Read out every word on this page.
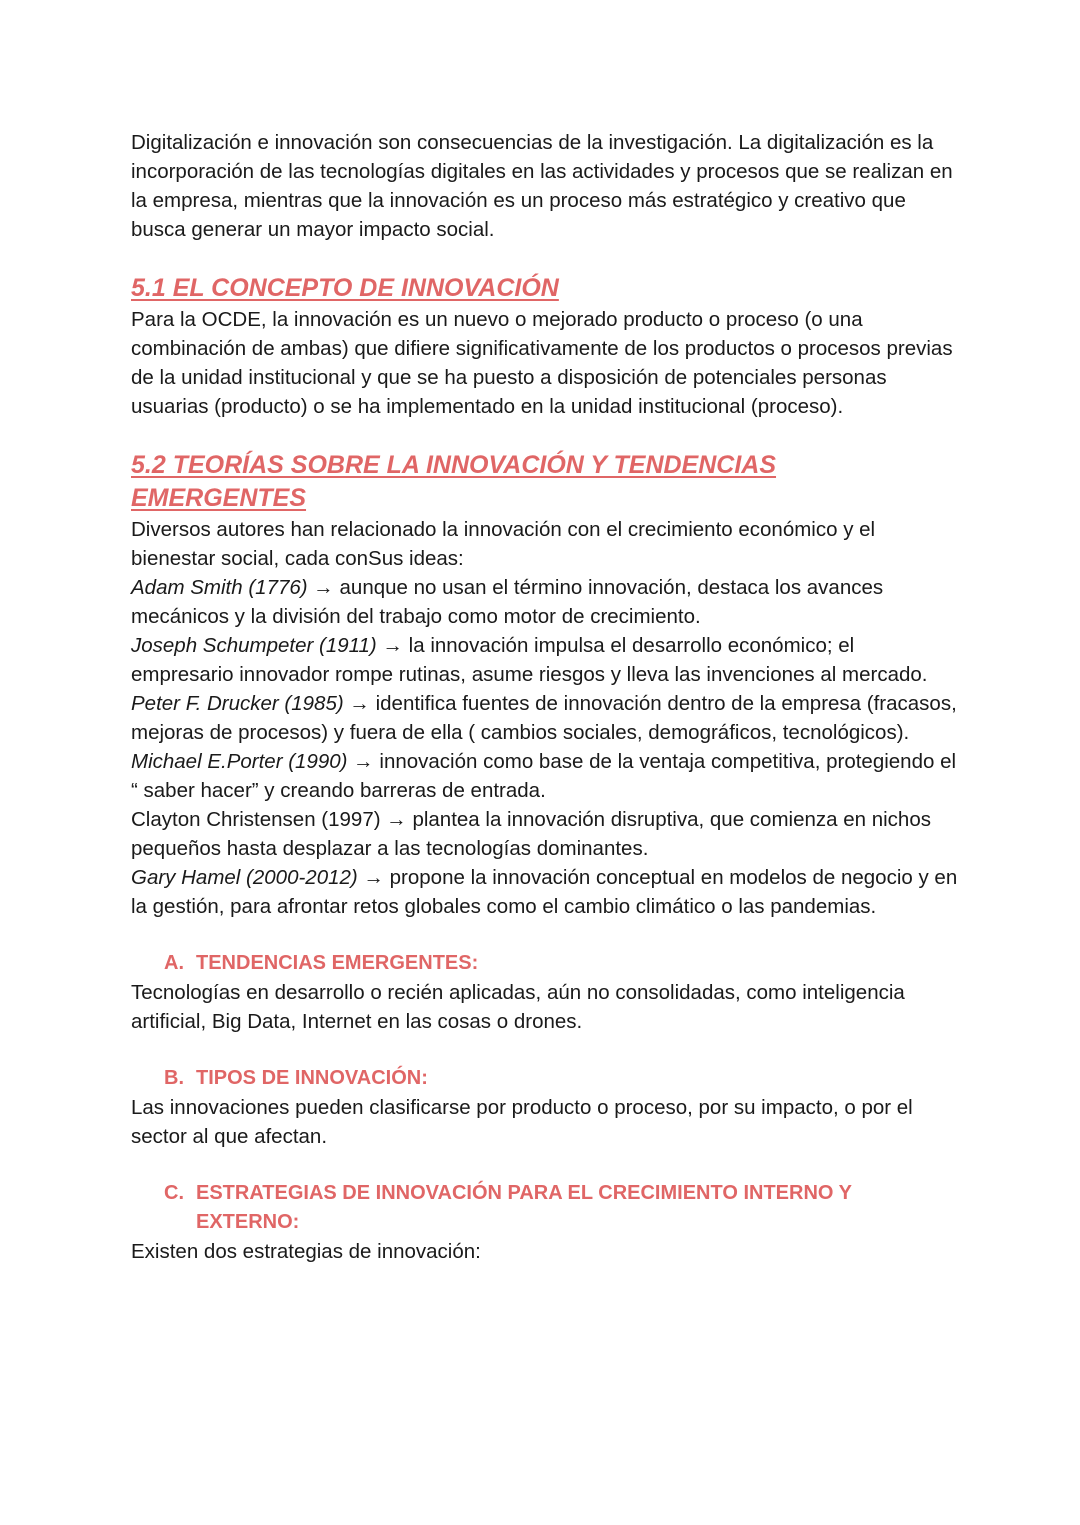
Digitalización e innovación son consecuencias de la investigación. La digitalización es la incorporación de las tecnologías digitales en las actividades y procesos que se realizan en la empresa, mientras que la innovación es un proceso más estratégico y creativo que busca generar un mayor impacto social.

5.1 EL CONCEPTO DE INNOVACIÓN

Para la OCDE, la innovación es un nuevo o mejorado producto o proceso (o una combinación de ambas) que difiere significativamente de los productos o procesos previas de la unidad institucional y que se ha puesto a disposición de potenciales personas usuarias (producto) o se ha implementado en la unidad institucional (proceso).

5.2 TEORÍAS SOBRE LA INNOVACIÓN Y TENDENCIAS EMERGENTES

Diversos autores han relacionado la innovación con el crecimiento económico y el bienestar social, cada conSus ideas:

Adam Smith (1776) → aunque no usan el término innovación, destaca los avances mecánicos y la división del trabajo como motor de crecimiento.

Joseph Schumpeter (1911) → la innovación impulsa el desarrollo económico; el empresario innovador rompe rutinas, asume riesgos y lleva las invenciones al mercado.

Peter F. Drucker (1985) → identifica fuentes de innovación dentro de la empresa (fracasos, mejoras de procesos) y fuera de ella ( cambios sociales, demográficos, tecnológicos).

Michael E.Porter (1990) → innovación como base de la ventaja competitiva, protegiendo el “ saber hacer” y creando barreras de entrada.

Clayton Christensen (1997) → plantea la innovación disruptiva, que comienza en nichos pequeños hasta desplazar a las tecnologías dominantes.

Gary Hamel (2000-2012) → propone la innovación conceptual en modelos de negocio y en la gestión, para afrontar retos globales como el cambio climático o las pandemias.

A. TENDENCIAS EMERGENTES:

Tecnologías en desarrollo o recién aplicadas, aún no consolidadas, como inteligencia artificial, Big Data, Internet en las cosas o drones.

B. TIPOS DE INNOVACIÓN:

Las innovaciones pueden clasificarse por producto o proceso, por su impacto, o por el sector al que afectan.

C. ESTRATEGIAS DE INNOVACIÓN PARA EL CRECIMIENTO INTERNO Y EXTERNO:

Existen dos estrategias de innovación:
